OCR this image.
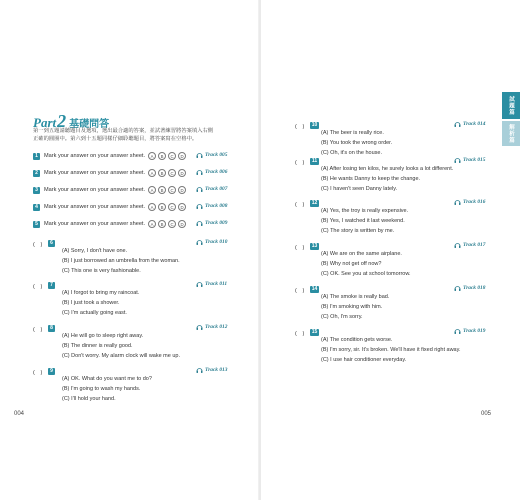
Part 2 基礎問答
第一到五題請聽題目及選項，選出最合適的答案，並試著練習將答案填入右側
正確的圓圈中。第六到十五題同樣仔細聆聽題目，將答案寫在空格中。
1	Mark your answer on your answer sheet.	A	B	C	D	Track 005
2	Mark your answer on your answer sheet.	A	B	C	D	Track 006
3	Mark your answer on your answer sheet.	A	B	C	D	Track 007
4	Mark your answer on your answer sheet.	A	B	C	D	Track 008
5	Mark your answer on your answer sheet.	A	B	C	D	Track 009
(　)	6	Track 010
(A) Sorry, I don't have one.
(B) I just borrowed an umbrella from the woman.
(C) This one is very fashionable.
(　)	7	Track 011
(A) I forgot to bring my raincoat.
(B) I just took a shower.
(C) I'm actually going east.
(　)	8	Track 012
(A) He will go to sleep right away.
(B) The dinner is really good.
(C) Don't worry. My alarm clock will wake me up.
(　)	9	Track 013
(A) OK. What do you want me to do?
(B) I'm going to wash my hands.
(C) I'll hold your hand.
004
(　)	10	Track 014
(A) The beer is really rice.
(B) You took the wrong order.
(C) Oh, it's on the house.
(　)	11	Track 015
(A) After losing ten kilos, he surely looks a lot different.
(B) He wants Danny to keep the change.
(C) I haven't seen Danny lately.
(　)	12	Track 016
(A) Yes, the troy is really expensive.
(B) Yes, I watched it last weekend.
(C) The story is written by me.
(　)	13	Track 017
(A) We are on the same airplane.
(B) Why not get off now?
(C) OK. See you at school tomorrow.
(　)	14	Track 018
(A) The smoke is really bad.
(B) I'm smoking with him.
(C) Oh, I'm sorry.
(　)	15	Track 019
(A) The condition gets worse.
(B) I'm sorry, sir. It's broken. We'll have it fixed right away.
(C) I use hair conditioner everyday.
005
試題篇
解析篇
